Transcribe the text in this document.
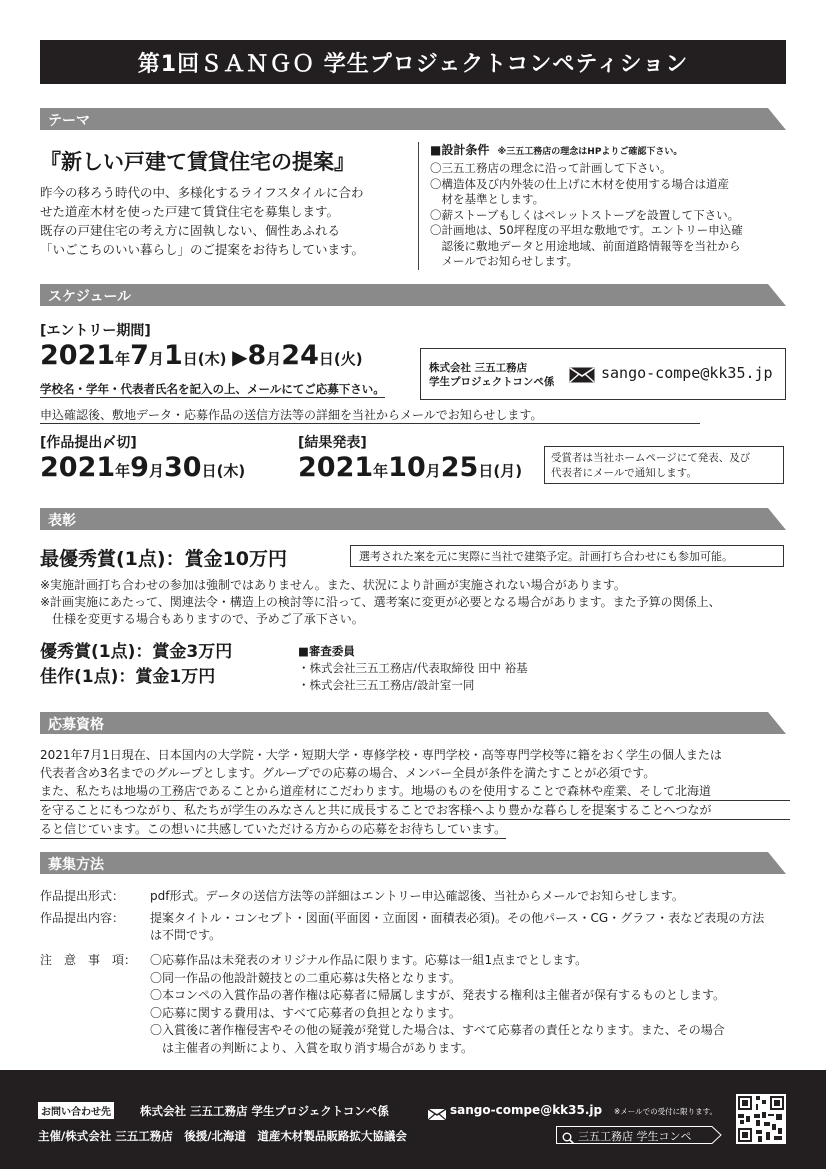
第1回ＳＡＮＧＯ 学生プロジェクトコンペティション
テーマ
『新しい戸建て賃貸住宅の提案』
昨今の移ろう時代の中、多様化するライフスタイルに合わ
せた道産木材を使った戸建て賃貸住宅を募集します。
既存の戸建住宅の考え方に固執しない、個性あふれる
「いごこちのいい暮らし」のご提案をお待ちしています。
■設計条件 ※三五工務店の理念はHPよりご確認下さい。
〇三五工務店の理念に沿って計画して下さい。
〇構造体及び内外装の仕上げに木材を使用する場合は道産
　材を基準とします。
〇薪ストーブもしくはペレットストーブを設置して下さい。
〇計画地は、50坪程度の平坦な敷地です。エントリー申込確
　認後に敷地データと用途地域、前面道路情報等を当社から
　メールでお知らせします。
スケジュール
[エントリー期間]
2021年7月1日(木) ▶8月24日(火)
学校名・学年・代表者氏名を記入の上、メールにてご応募下さい。
株式会社 三五工務店
学生プロジェクトコンペ係	sango-compe@kk35.jp
申込確認後、敷地データ・応募作品の送信方法等の詳細を当社からメールでお知らせします。
[作品提出〆切]
2021年9月30日(木)
[結果発表]
2021年10月25日(月)
受賞者は当社ホームページにて発表、及び
代表者にメールで通知します。
表彰
最優秀賞(1点)：賞金10万円	選考された案を元に実際に当社で建築予定。計画打ち合わせにも参加可能。
※実施計画打ち合わせの参加は強制ではありません。また、状況により計画が実施されない場合があります。
※計画実施にあたって、関連法令・構造上の検討等に沿って、選考案に変更が必要となる場合があります。また予算の関係上、
　仕様を変更する場合もありますので、予めご了承下さい。
優秀賞(1点)：賞金3万円
佳作(1点)：賞金1万円
■審査委員
・株式会社三五工務店/代表取締役 田中 裕基
・株式会社三五工務店/設計室一同
応募資格
2021年7月1日現在、日本国内の大学院・大学・短期大学・専修学校・専門学校・高等専門学校等に籍をおく学生の個人または
代表者含め3名までのグループとします。グループでの応募の場合、メンバー全員が条件を満たすことが必須です。
また、私たちは地場の工務店であることから道産材にこだわります。地場のものを使用することで森林や産業、そして北海道
を守ることにもつながり、私たちが学生のみなさんと共に成長することでお客様へより豊かな暮らしを提案することへつなが
ると信じています。この想いに共感していただける方からの応募をお待ちしています。
募集方法
作品提出形式： pdf形式。データの送信方法等の詳細はエントリー申込確認後、当社からメールでお知らせします。
作品提出内容： 提案タイトル・コンセプト・図面(平面図・立面図・面積表必須)。その他パース・CG・グラフ・表など表現の方法
は不問です。
注　意　事　項： 〇応募作品は未発表のオリジナル作品に限ります。応募は一組1点までとします。
〇同一作品の他設計競技との二重応募は失格となります。
〇本コンペの入賞作品の著作権は応募者に帰属しますが、発表する権利は主催者が保有するものとします。
〇応募に関する費用は、すべて応募者の負担となります。
〇入賞後に著作権侵害やその他の疑義が発覚した場合は、すべて応募者の責任となります。また、その場合
　は主催者の判断により、入賞を取り消す場合があります。
お問い合わせ先	株式会社 三五工務店 学生プロジェクトコンペ係	sango-compe@kk35.jp ※メールでの受付に限ります。
主催/株式会社 三五工務店　後援/北海道　道産木材製品販路拡大協議会	三五工務店 学生コンペ
